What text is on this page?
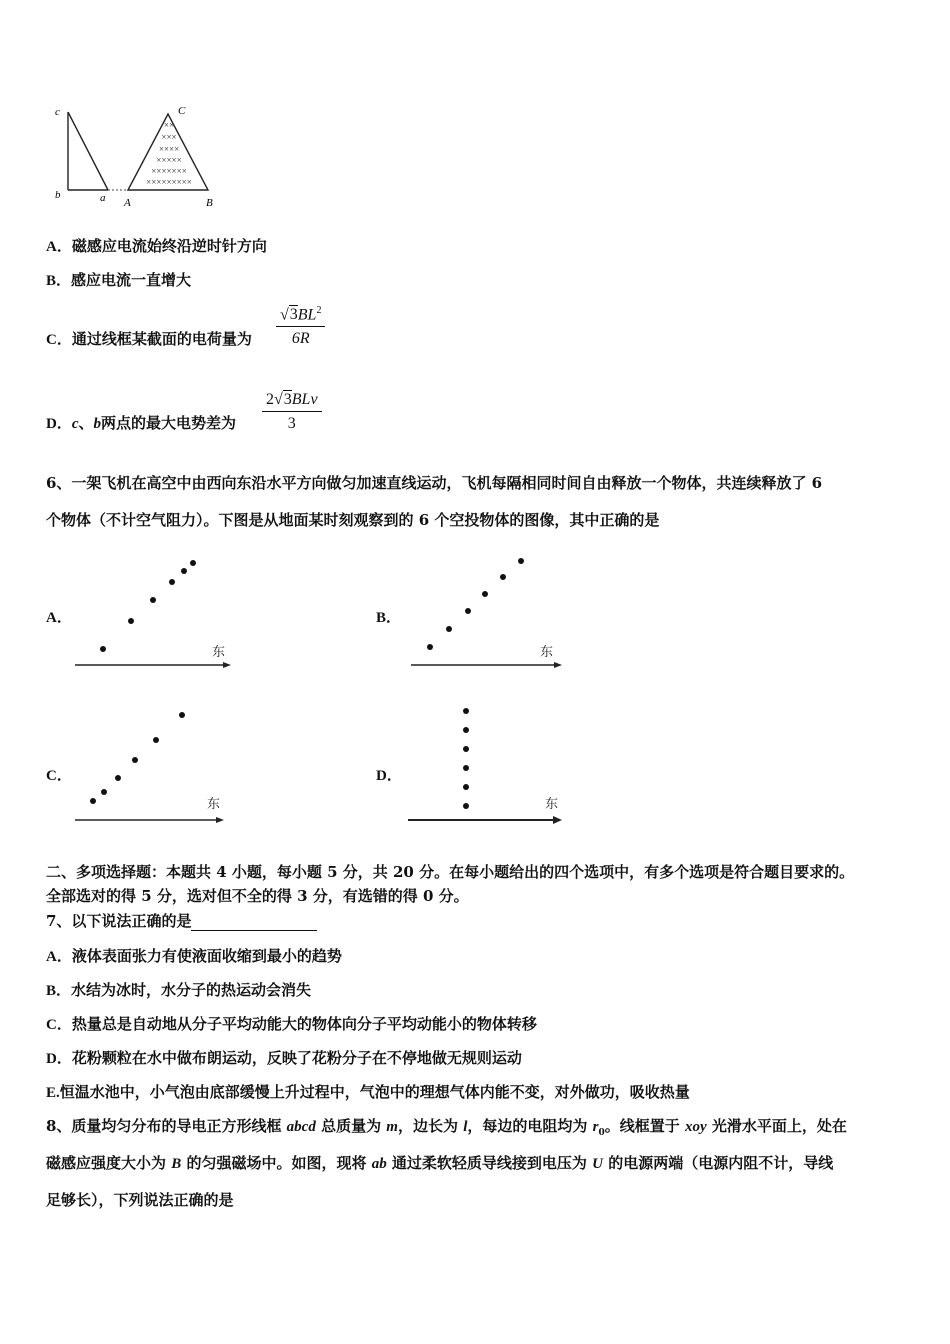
c	C
b	a A	B
××
×××
××××
×××××
×××××××
×××××××××
A．磁感应电流始终沿逆时针方向
B．感应电流一直增大
C．通过线框某截面的电荷量为 $\frac{√3BL^2}{6R}$
D．c、b两点的最大电势差为
2√3BLv
3
6、一架飞机在高空中由西向东沿水平方向做匀加速直线运动，飞机每隔相同时间自由释放一个物体，共连续释放了 6
个物体（不计空气阻力）。下图是从地面某时刻观察到的 6 个空投物体的图像，其中正确的是
A．
东
B．
东
C．
东
D．
东
二、多项选择题：本题共 4 小题，每小题 5 分，共 20 分。在每小题给出的四个选项中，有多个选项是符合题目要求的。
全部选对的得 5 分，选对但不全的得 3 分，有选错的得 0 分。
7、以下说法正确的是
A．液体表面张力有使液面收缩到最小的趋势
B．水结为冰时，水分子的热运动会消失
C．热量总是自动地从分子平均动能大的物体向分子平均动能小的物体转移
D．花粉颗粒在水中做布朗运动，反映了花粉分子在不停地做无规则运动
E.恒温水池中，小气泡由底部缓慢上升过程中，气泡中的理想气体内能不变，对外做功，吸收热量
8、质量均匀分布的导电正方形线框 abcd 总质量为 m，边长为 l，每边的电阻均为 $r_0$。线框置于 xoy 光滑水平面上，处在
磁感应强度大小为 B 的匀强磁场中。如图，现将 ab 通过柔软轻质导线接到电压为 U 的电源两端（电源内阻不计，导线
足够长），下列说法正确的是
